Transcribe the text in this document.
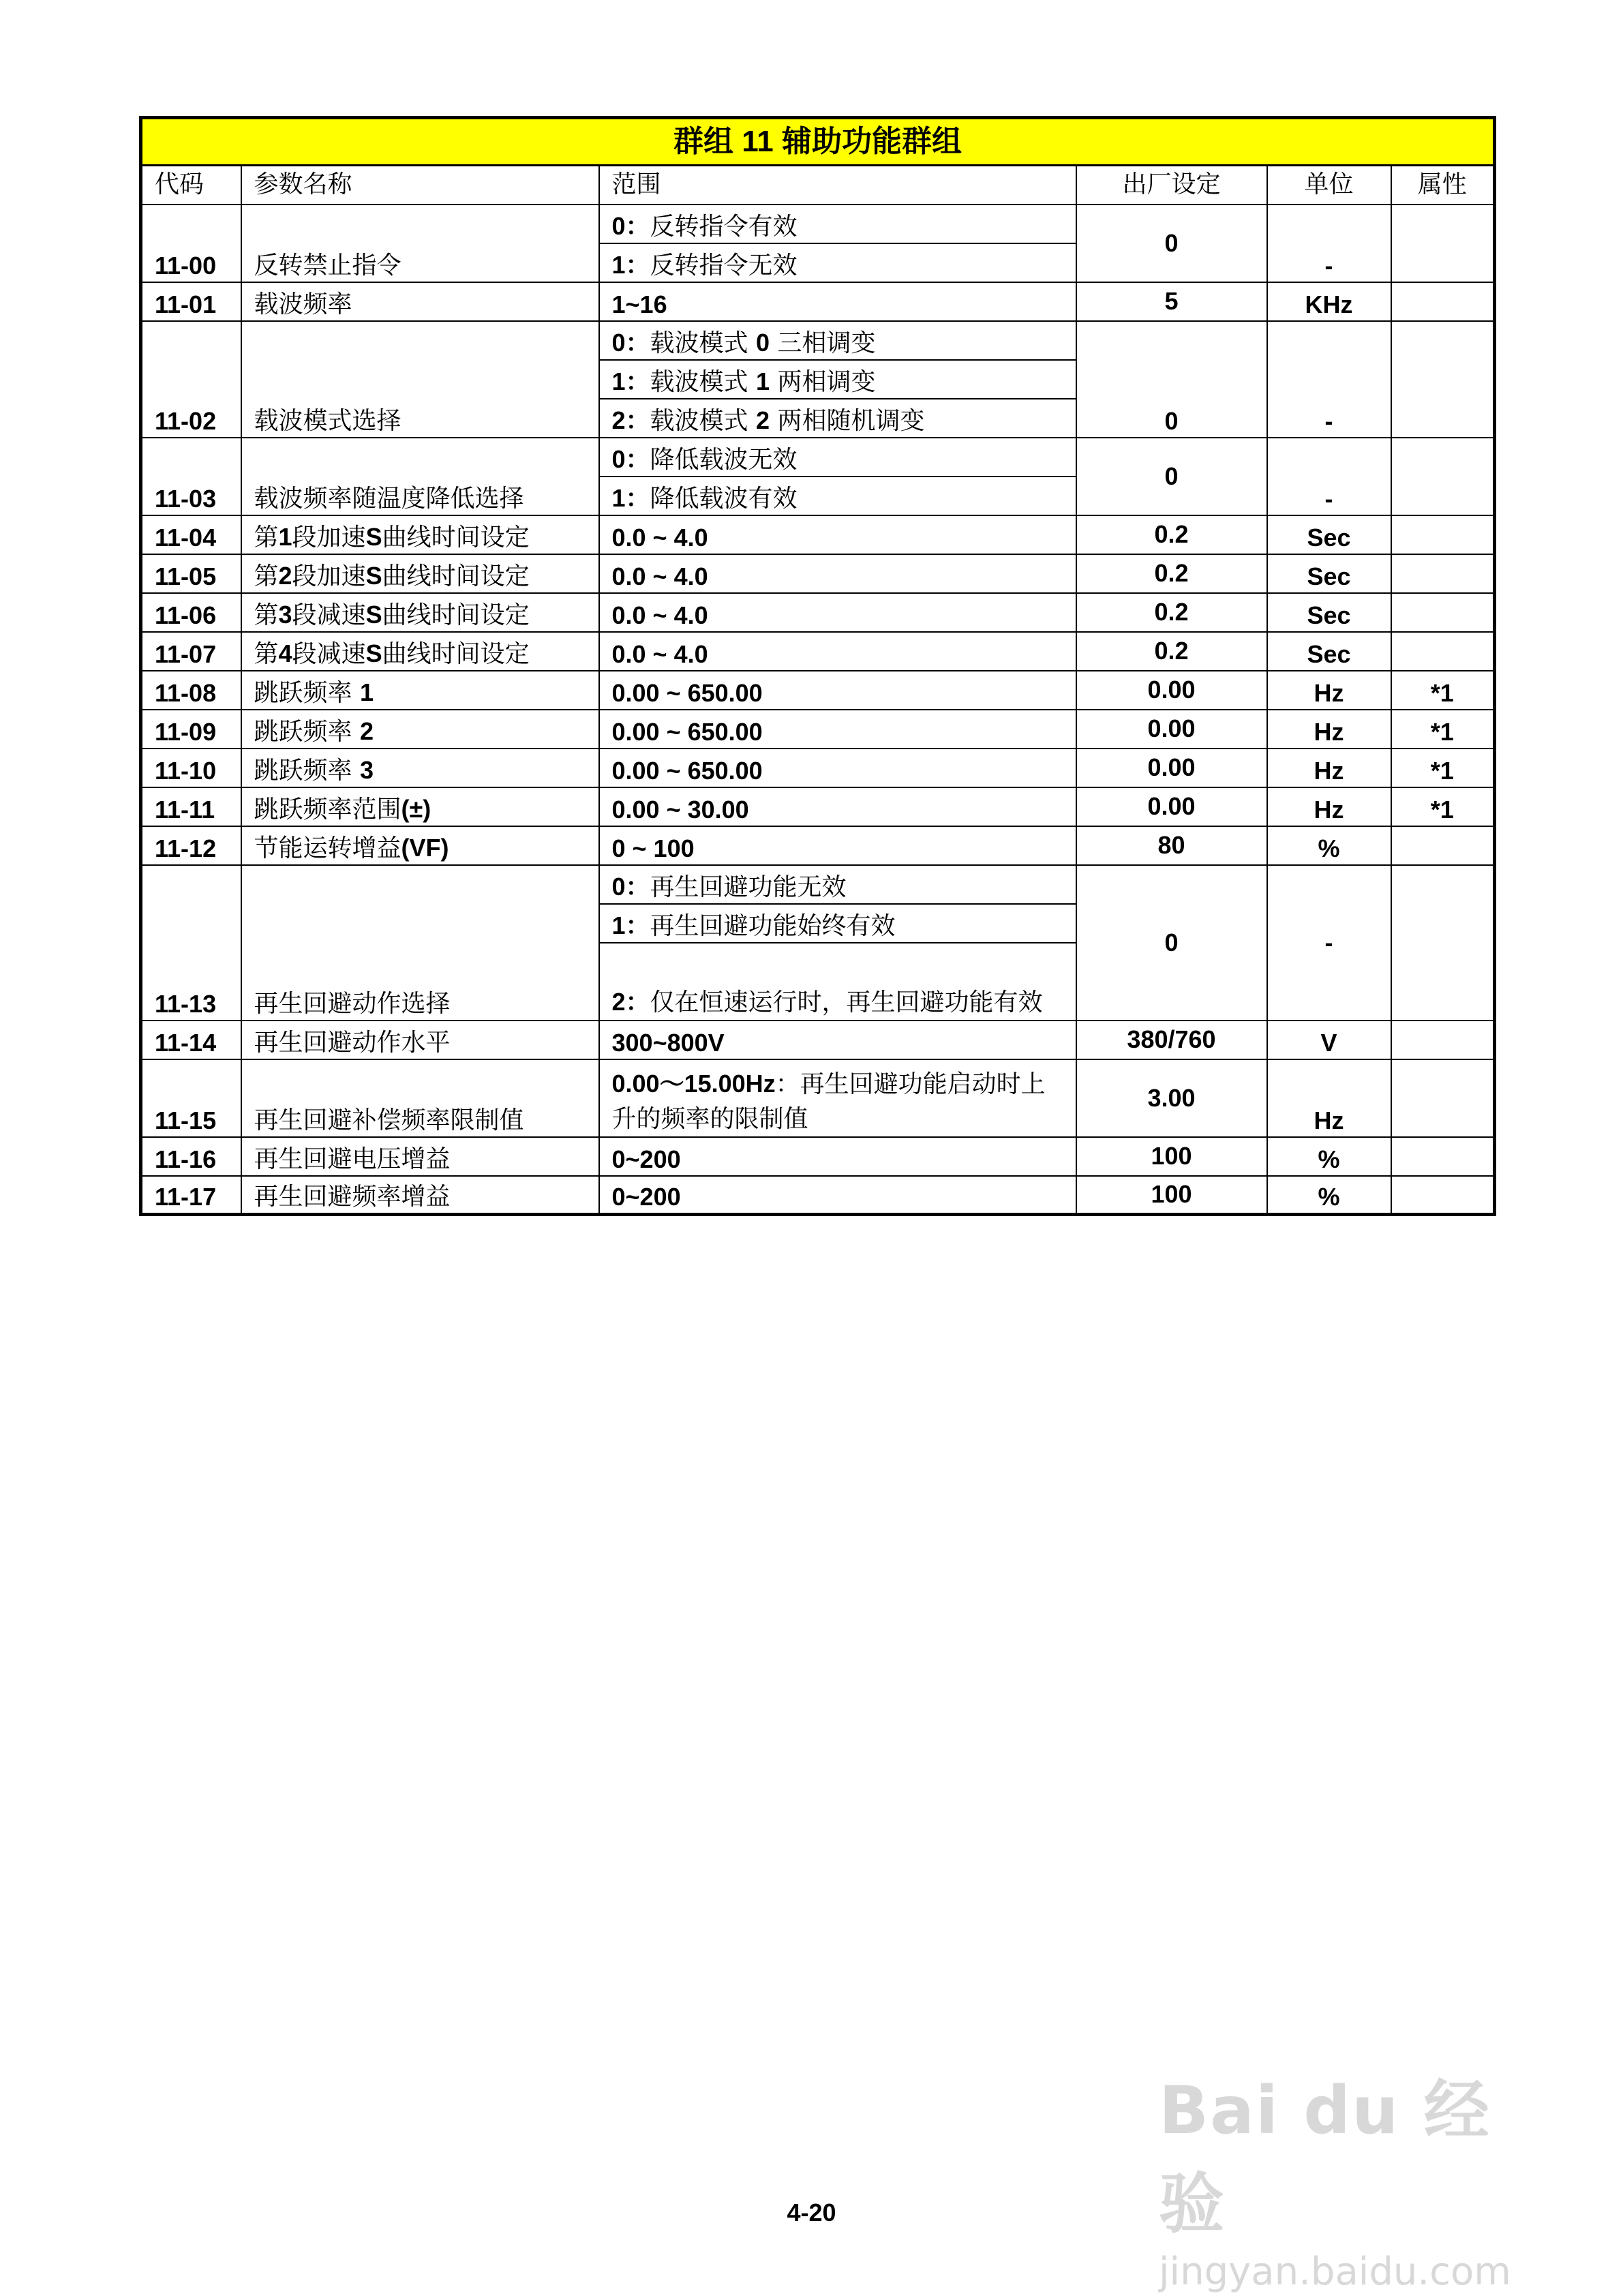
群组 11 辅助功能群组					
代码	参数名称	范围	出厂设定	单位	属性
11-00	反转禁止指令	0：反转指令有效	0	-	
		1：反转指令无效			
11-01	载波频率	1~16	5	KHz	
11-02	载波模式选择	0：载波模式 0 三相调变	0	-	
		1：载波模式 1 两相调变			
		2：载波模式 2 两相随机调变			
11-03	载波频率随温度降低选择	0：降低载波无效	0	-	
		1：降低载波有效			
11-04	第1段加速S曲线时间设定	0.0 ~ 4.0	0.2	Sec	
11-05	第2段加速S曲线时间设定	0.0 ~ 4.0	0.2	Sec	
11-06	第3段减速S曲线时间设定	0.0 ~ 4.0	0.2	Sec	
11-07	第4段减速S曲线时间设定	0.0 ~ 4.0	0.2	Sec	
11-08	跳跃频率 1	0.00 ~ 650.00	0.00	Hz	*1
11-09	跳跃频率 2	0.00 ~ 650.00	0.00	Hz	*1
11-10	跳跃频率 3	0.00 ~ 650.00	0.00	Hz	*1
11-11	跳跃频率范围(±)	0.00 ~ 30.00	0.00	Hz	*1
11-12	节能运转增益(VF)	0 ~ 100	80	%	
11-13	再生回避动作选择	0：再生回避功能无效	0	-	
		1：再生回避功能始终有效			
		2：仅在恒速运行时，再生回避功能有效			
11-14	再生回避动作水平	300~800V	380/760	V	
11-15	再生回避补偿频率限制值	0.00～15.00Hz：再生回避功能启动时上升的频率的限制值	3.00	Hz	
11-16	再生回避电压增益	0~200	100	%	
11-17	再生回避频率增益	0~200	100	%	
Bai du 经验
jingyan.baidu.com
4-20
